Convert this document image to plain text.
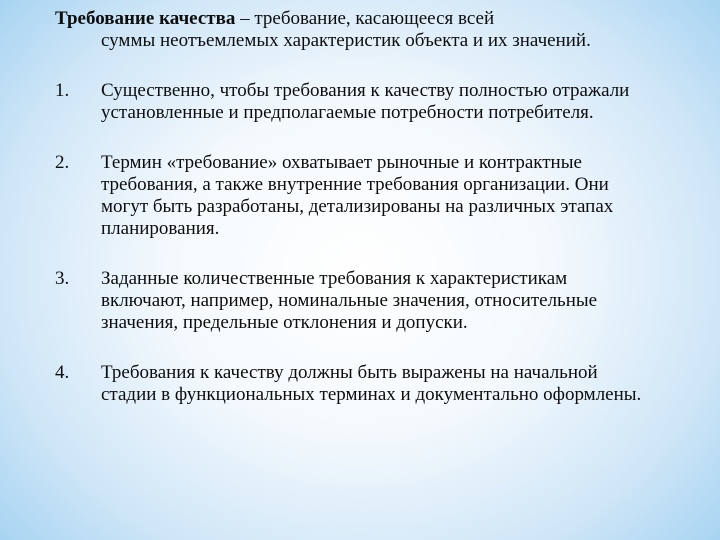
Требование качества – требование, касающееся всей
суммы неотъемлемых характеристик объекта и их значений.
1. Существенно, чтобы требования к качеству полностью отражали установленные и предполагаемые потребности потребителя.
2. Термин «требование» охватывает рыночные и контрактные требования, а также внутренние требования организации. Они могут быть разработаны, детализированы на различных этапах планирования.
3. Заданные количественные требования к характеристикам включают, например, номинальные значения, относительные значения, предельные отклонения и допуски.
4. Требования к качеству должны быть выражены на начальной стадии в функциональных терминах и документально оформлены.
